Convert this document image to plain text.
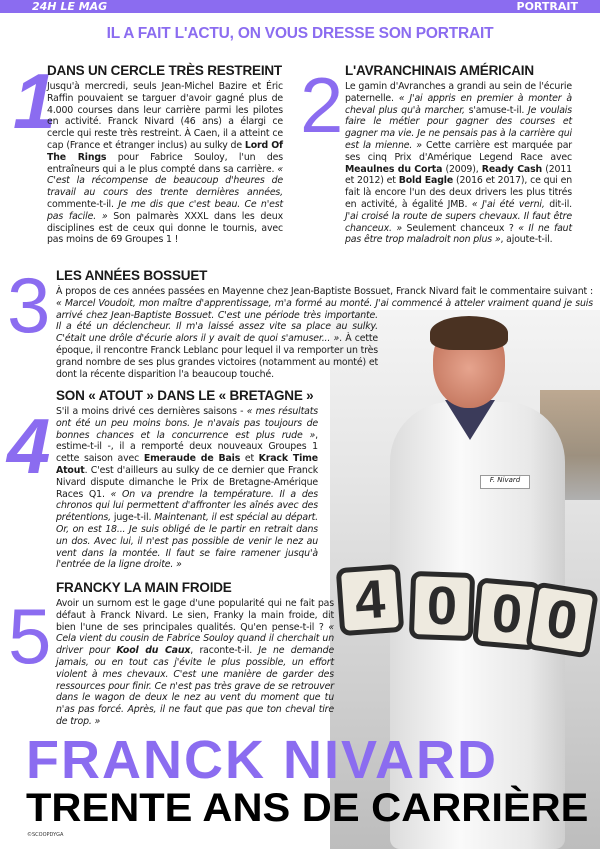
24H LE MAG	PORTRAIT
IL A FAIT L'ACTU, ON VOUS DRESSE SON PORTRAIT
F. Nivard
4 0 0 0
1
DANS UN CERCLE TRÈS RESTREINT
Jusqu'à mercredi, seuls Jean-Michel Bazire et Éric Raffin pouvaient se targuer d'avoir gagné plus de 4.000 courses dans leur carrière parmi les pilotes en activité. Franck Nivard (46 ans) a élargi ce cercle qui reste très restreint. À Caen, il a atteint ce cap (France et étranger inclus) au sulky de Lord Of The Rings pour Fabrice Souloy, l'un des entraîneurs qui a le plus compté dans sa carrière. « C'est la récompense de beaucoup d'heures de travail au cours des trente dernières années, commente-t-il. Je me dis que c'est beau. Ce n'est pas facile. » Son palmarès XXXL dans les deux disciplines est de ceux qui donne le tournis, avec pas moins de 69 Groupes 1 !
2 L'AVRANCHINAIS AMÉRICAIN
Le gamin d'Avranches a grandi au sein de l'écurie paternelle. « J'ai appris en premier à monter à cheval plus qu'à marcher, s'amuse-t-il. Je voulais faire le métier pour gagner des courses et gagner ma vie. Je ne pensais pas à la carrière qui est la mienne. » Cette carrière est marquée par ses cinq Prix d'Amérique Legend Race avec Meaulnes du Corta (2009), Ready Cash (2011 et 2012) et Bold Eagle (2016 et 2017), ce qui en fait là encore l'un des deux drivers les plus titrés en activité, à égalité JMB. « J'ai été verni, dit-il. J'ai croisé la route de supers chevaux. Il faut être chanceux. » Seulement chanceux ? « Il ne faut pas être trop maladroit non plus », ajoute-t-il.
3 LES ANNÉES BOSSUET
À propos de ces années passées en Mayenne chez Jean-Baptiste Bossuet, Franck Nivard fait le commentaire suivant : « Marcel Voudoit, mon maître d'apprentissage, m'a formé au monté. J'ai commencé à atteler vraiment quand je suis arrivé chez Jean-Baptiste Bossuet. C'est une période très importante. Il a été un déclencheur. Il m'a laissé assez vite sa place au sulky. C'était une drôle d'écurie alors il y avait de quoi s'amuser... ». À cette époque, il rencontre Franck Leblanc pour lequel il va remporter un très grand nombre de ses plus grandes victoires (notamment au monté) et dont la récente disparition l'a beaucoup touché.
4
SON « ATOUT » DANS LE « BRETAGNE »
S'il a moins drivé ces dernières saisons - « mes résultats ont été un peu moins bons. Je n'avais pas toujours de bonnes chances et la concurrence est plus rude », estime-t-il -, il a remporté deux nouveaux Groupes 1 cette saison avec Emeraude de Bais et Krack Time Atout. C'est d'ailleurs au sulky de ce dernier que Franck Nivard dispute dimanche le Prix de Bretagne-Amérique Races Q1. « On va prendre la température. Il a des chronos qui lui permettent d'affronter les aînés avec des prétentions, juge-t-il. Maintenant, il est spécial au départ. Or, on est 18... Je suis obligé de le partir en retrait dans un dos. Avec lui, il n'est pas possible de venir le nez au vent dans la montée. Il faut se faire ramener jusqu'à l'entrée de la ligne droite. »
5
FRANCKY LA MAIN FROIDE
Avoir un surnom est le gage d'une popularité qui ne fait pas défaut à Franck Nivard. Le sien, Franky la main froide, dit bien l'une de ses principales qualités. Qu'en pense-t-il ? « Cela vient du cousin de Fabrice Souloy quand il cherchait un driver pour Kool du Caux, raconte-t-il. Je ne demande jamais, ou en tout cas j'évite le plus possible, un effort violent à mes chevaux. C'est une manière de garder des ressources pour finir. Ce n'est pas très grave de se retrouver dans le wagon de deux le nez au vent du moment que tu n'as pas forcé. Après, il ne faut que pas que ton cheval tire de trop. »
FRANCK NIVARD
TRENTE ANS DE CARRIÈRE
©SCOOPDYGA
